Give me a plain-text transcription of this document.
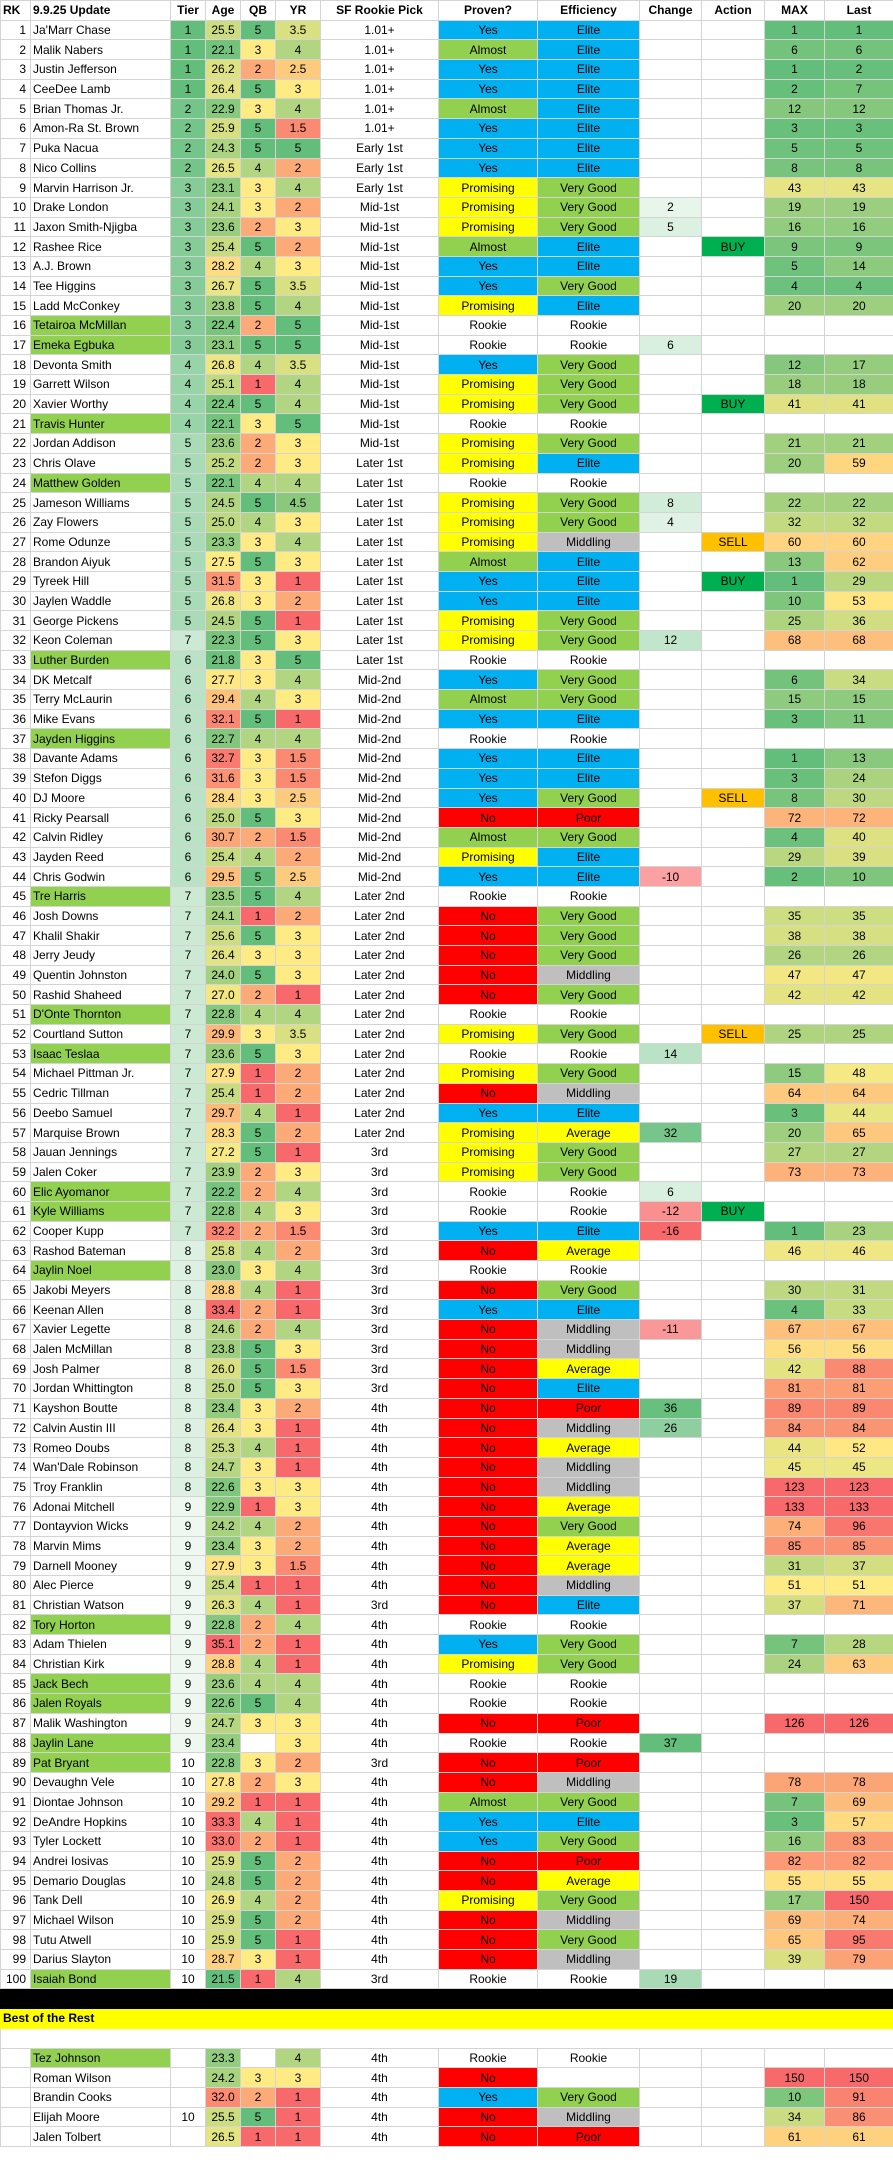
RK	9.9.25 Update	Tier	Age	QB	YR	SF Rookie Pick	Proven?	Efficiency	Change	Action	MAX	Last
1	Ja'Marr Chase	1	25.5	5	3.5	1.01+	Yes	Elite			1	1
2	Malik Nabers	1	22.1	3	4	1.01+	Almost	Elite			6	6
3	Justin Jefferson	1	26.2	2	2.5	1.01+	Yes	Elite			1	2
4	CeeDee Lamb	1	26.4	5	3	1.01+	Yes	Elite			2	7
5	Brian Thomas Jr.	2	22.9	3	4	1.01+	Almost	Elite			12	12
6	Amon-Ra St. Brown	2	25.9	5	1.5	1.01+	Yes	Elite			3	3
7	Puka Nacua	2	24.3	5	5	Early 1st	Yes	Elite			5	5
8	Nico Collins	2	26.5	4	2	Early 1st	Yes	Elite			8	8
9	Marvin Harrison Jr.	3	23.1	3	4	Early 1st	Promising	Very Good			43	43
10	Drake London	3	24.1	3	2	Mid-1st	Promising	Very Good	2		19	19
11	Jaxon Smith-Njigba	3	23.6	2	3	Mid-1st	Promising	Very Good	5		16	16
12	Rashee Rice	3	25.4	5	2	Mid-1st	Almost	Elite		BUY	9	9
13	A.J. Brown	3	28.2	4	3	Mid-1st	Yes	Elite			5	14
14	Tee Higgins	3	26.7	5	3.5	Mid-1st	Yes	Very Good			4	4
15	Ladd McConkey	3	23.8	5	4	Mid-1st	Promising	Elite			20	20
16	Tetairoa McMillan	3	22.4	2	5	Mid-1st	Rookie	Rookie				
17	Emeka Egbuka	3	23.1	5	5	Mid-1st	Rookie	Rookie	6			
18	Devonta Smith	4	26.8	4	3.5	Mid-1st	Yes	Very Good			12	17
19	Garrett Wilson	4	25.1	1	4	Mid-1st	Promising	Very Good			18	18
20	Xavier Worthy	4	22.4	5	4	Mid-1st	Promising	Very Good		BUY	41	41
21	Travis Hunter	4	22.1	3	5	Mid-1st	Rookie	Rookie				
22	Jordan Addison	5	23.6	2	3	Mid-1st	Promising	Very Good			21	21
23	Chris Olave	5	25.2	2	3	Later 1st	Promising	Elite			20	59
24	Matthew Golden	5	22.1	4	4	Later 1st	Rookie	Rookie				
25	Jameson Williams	5	24.5	5	4.5	Later 1st	Promising	Very Good	8		22	22
26	Zay Flowers	5	25.0	4	3	Later 1st	Promising	Very Good	4		32	32
27	Rome Odunze	5	23.3	3	4	Later 1st	Promising	Middling		SELL	60	60
28	Brandon Aiyuk	5	27.5	5	3	Later 1st	Almost	Elite			13	62
29	Tyreek Hill	5	31.5	3	1	Later 1st	Yes	Elite		BUY	1	29
30	Jaylen Waddle	5	26.8	3	2	Later 1st	Yes	Elite			10	53
31	George Pickens	5	24.5	5	1	Later 1st	Promising	Very Good			25	36
32	Keon Coleman	7	22.3	5	3	Later 1st	Promising	Very Good	12		68	68
33	Luther Burden	6	21.8	3	5	Later 1st	Rookie	Rookie				
34	DK Metcalf	6	27.7	3	4	Mid-2nd	Yes	Very Good			6	34
35	Terry McLaurin	6	29.4	4	3	Mid-2nd	Almost	Very Good			15	15
36	Mike Evans	6	32.1	5	1	Mid-2nd	Yes	Elite			3	11
37	Jayden Higgins	6	22.7	4	4	Mid-2nd	Rookie	Rookie				
38	Davante Adams	6	32.7	3	1.5	Mid-2nd	Yes	Elite			1	13
39	Stefon Diggs	6	31.6	3	1.5	Mid-2nd	Yes	Elite			3	24
40	DJ Moore	6	28.4	3	2.5	Mid-2nd	Yes	Very Good		SELL	8	30
41	Ricky Pearsall	6	25.0	5	3	Mid-2nd	No	Poor			72	72
42	Calvin Ridley	6	30.7	2	1.5	Mid-2nd	Almost	Very Good			4	40
43	Jayden Reed	6	25.4	4	2	Mid-2nd	Promising	Elite			29	39
44	Chris Godwin	6	29.5	5	2.5	Mid-2nd	Yes	Elite	-10		2	10
45	Tre Harris	7	23.5	5	4	Later 2nd	Rookie	Rookie				
46	Josh Downs	7	24.1	1	2	Later 2nd	No	Very Good			35	35
47	Khalil Shakir	7	25.6	5	3	Later 2nd	No	Very Good			38	38
48	Jerry Jeudy	7	26.4	3	3	Later 2nd	No	Very Good			26	26
49	Quentin Johnston	7	24.0	5	3	Later 2nd	No	Middling			47	47
50	Rashid Shaheed	7	27.0	2	1	Later 2nd	No	Very Good			42	42
51	D'Onte Thornton	7	22.8	4	4	Later 2nd	Rookie	Rookie				
52	Courtland Sutton	7	29.9	3	3.5	Later 2nd	Promising	Very Good		SELL	25	25
53	Isaac Teslaa	7	23.6	5	3	Later 2nd	Rookie	Rookie	14			
54	Michael Pittman Jr.	7	27.9	1	2	Later 2nd	Promising	Very Good			15	48
55	Cedric Tillman	7	25.4	1	2	Later 2nd	No	Middling			64	64
56	Deebo Samuel	7	29.7	4	1	Later 2nd	Yes	Elite			3	44
57	Marquise Brown	7	28.3	5	2	Later 2nd	Promising	Average	32		20	65
58	Jauan Jennings	7	27.2	5	1	3rd	Promising	Very Good			27	27
59	Jalen Coker	7	23.9	2	3	3rd	Promising	Very Good			73	73
60	Elic Ayomanor	7	22.2	2	4	3rd	Rookie	Rookie	6			
61	Kyle Williams	7	22.8	4	3	3rd	Rookie	Rookie	-12	BUY		
62	Cooper Kupp	7	32.2	2	1.5	3rd	Yes	Elite	-16		1	23
63	Rashod Bateman	8	25.8	4	2	3rd	No	Average			46	46
64	Jaylin Noel	8	23.0	3	4	3rd	Rookie	Rookie				
65	Jakobi Meyers	8	28.8	4	1	3rd	No	Very Good			30	31
66	Keenan Allen	8	33.4	2	1	3rd	Yes	Elite			4	33
67	Xavier Legette	8	24.6	2	4	3rd	No	Middling	-11		67	67
68	Jalen McMillan	8	23.8	5	3	3rd	No	Middling			56	56
69	Josh Palmer	8	26.0	5	1.5	3rd	No	Average			42	88
70	Jordan Whittington	8	25.0	5	3	3rd	No	Elite			81	81
71	Kayshon Boutte	8	23.4	3	2	4th	No	Poor	36		89	89
72	Calvin Austin III	8	26.4	3	1	4th	No	Middling	26		84	84
73	Romeo Doubs	8	25.3	4	1	4th	No	Average			44	52
74	Wan'Dale Robinson	8	24.7	3	1	4th	No	Middling			45	45
75	Troy Franklin	8	22.6	3	3	4th	No	Middling			123	123
76	Adonai Mitchell	9	22.9	1	3	4th	No	Average			133	133
77	Dontayvion Wicks	9	24.2	4	2	4th	No	Very Good			74	96
78	Marvin Mims	9	23.4	3	2	4th	No	Average			85	85
79	Darnell Mooney	9	27.9	3	1.5	4th	No	Average			31	37
80	Alec Pierce	9	25.4	1	1	4th	No	Middling			51	51
81	Christian Watson	9	26.3	4	1	3rd	No	Elite			37	71
82	Tory Horton	9	22.8	2	4	4th	Rookie	Rookie				
83	Adam Thielen	9	35.1	2	1	4th	Yes	Very Good			7	28
84	Christian Kirk	9	28.8	4	1	4th	Promising	Very Good			24	63
85	Jack Bech	9	23.6	4	4	4th	Rookie	Rookie				
86	Jalen Royals	9	22.6	5	4	4th	Rookie	Rookie				
87	Malik Washington	9	24.7	3	3	4th	No	Poor			126	126
88	Jaylin Lane	9	23.4		3	4th	Rookie	Rookie	37			
89	Pat Bryant	10	22.8	3	2	3rd	No	Poor				
90	Devaughn Vele	10	27.8	2	3	4th	No	Middling			78	78
91	Diontae Johnson	10	29.2	1	1	4th	Almost	Very Good			7	69
92	DeAndre Hopkins	10	33.3	4	1	4th	Yes	Elite			3	57
93	Tyler Lockett	10	33.0	2	1	4th	Yes	Very Good			16	83
94	Andrei Iosivas	10	25.9	5	2	4th	No	Poor			82	82
95	Demario Douglas	10	24.8	5	2	4th	No	Average			55	55
96	Tank Dell	10	26.9	4	2	4th	Promising	Very Good			17	150
97	Michael Wilson	10	25.9	5	2	4th	No	Middling			69	74
98	Tutu Atwell	10	25.9	5	1	4th	No	Very Good			65	95
99	Darius Slayton	10	28.7	3	1	4th	No	Middling			39	79
100	Isaiah Bond	10	21.5	1	4	3rd	Rookie	Rookie	19			

Best of the Rest												

	Tez Johnson		23.3		4	4th	Rookie	Rookie				
	Roman Wilson		24.2	3	3	4th	No				150	150
	Brandin Cooks		32.0	2	1	4th	Yes	Very Good			10	91
	Elijah Moore	10	25.5	5	1	4th	No	Middling			34	86
	Jalen Tolbert		26.5	1	1	4th	No	Poor			61	61
